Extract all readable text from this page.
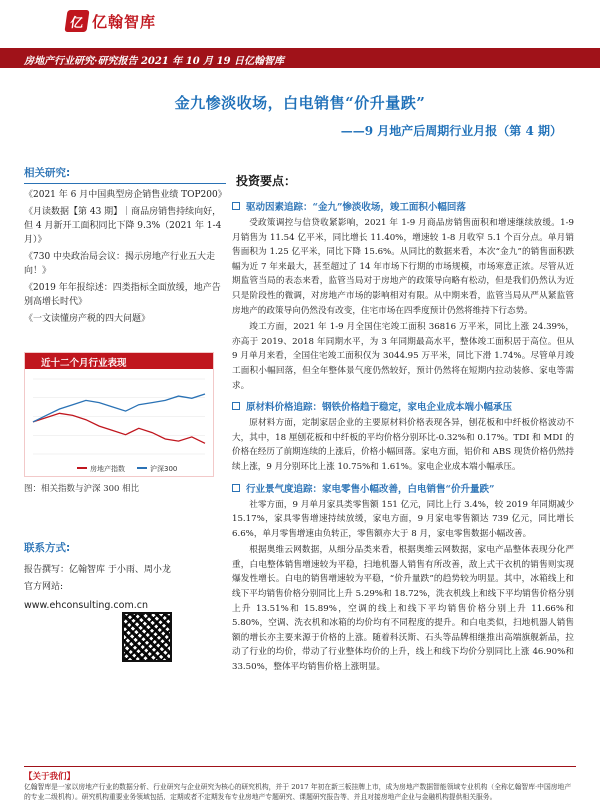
亿 亿翰智库
房地产行业研究·研究报告 2021 年 10 月 19 日亿翰智库
金九惨淡收场，白电销售“价升量跌”
——9 月地产后周期行业月报（第 4 期）
相关研究:
《2021 年 6 月中国典型房企销售业绩 TOP200》
《月读数据【第 43 期】｜商品房销售持续向好，但 4 月新开工面积同比下降 9.3%（2021 年 1-4 月）》
《730 中央政治局会议：揭示房地产行业五大走向！》
《2019 年年报综述：四类指标全面放缓，地产告别高增长时代》
《一文读懂房产税的四大问题》
近十二个月行业表现
房地产指数	沪深300
图：相关指数与沪深 300 相比
联系方式:
报告撰写：亿翰智库 于小雨、周小龙
官方网站:
www.ehconsulting.com.cn
投资要点：
驱动因素追踪：“金九”惨淡收场，竣工面积小幅回落

受政策调控与信贷收紧影响，2021 年 1-9 月商品房销售面积和增速继续放缓。1-9 月销售为 11.54 亿平米，同比增长 11.40%，增速较 1-8 月收窄 5.1 个百分点。单月销售面积为 1.25 亿平米，同比下降 15.6%。从同比的数据来看，本次“金九”的销售面积跌幅为近 7 年来最大，甚至超过了 14 年市场下行期的市场规模，市场寒意正浓。尽管从近期监管当局的表态来看，监管当局对于房地产的政策导向略有松动，但是我们仍然认为近只是阶段性的微调，对房地产市场的影响相对有限。从中期来看，监管当局从严从紧监管房地产的政策导向仍然没有改变，住宅市场在四季度预计仍然将维持下行态势。

竣工方面，2021 年 1-9 月全国住宅竣工面积 36816 万平米，同比上涨 24.39%，亦高于 2019、2018 年同期水平，为 3 年同期最高水平，整体竣工面积居于高位。但从 9 月单月来看，全国住宅竣工面积仅为 3044.95 万平米，同比下滑 1.74%。尽管单月竣工面积小幅回落，但全年整体景气度仍然较好，预计仍然将在短期内拉动装修、家电等需求。

原材料价格追踪：钢铁价格趋于稳定，家电企业成本端小幅承压

原材料方面，定制家居企业的主要原材料价格表现各异，刨花板和中纤板价格波动不大，其中，18 厘刨花板和中纤板的平均价格分别环比-0.32%和 0.17%。TDI 和 MDI 的价格在经历了前期连续的上涨后，价格小幅回落。家电方面，铝价和 ABS 现货价格仍然持续上涨，9 月分别环比上涨 10.75%和 1.61%。家电企业成本端小幅承压。

行业景气度追踪：家电零售小幅改善，白电销售“价升量跌”

社零方面，9 月单月家具类零售额 151 亿元，同比上行 3.4%，较 2019 年同期减少 15.17%，家具零售增速持续放缓，家电方面，9 月家电零售额达 739 亿元，同比增长 6.6%，单月零售增速由负转正，零售额亦大于 8 月，家电零售数据小幅改善。

根据奥维云网数据，从细分品类来看，根据奥维云网数据，家电产品整体表现分化严重，白电整体销售增速较为平稳，扫地机器人销售有所改善，敌上式干衣机的销售则实现爆发性增长。白电的销售增速较为平稳，“价升量跌”的趋势较为明显。其中，冰箱线上和线下平均销售价格分别同比上升 5.29%和 18.72%，洗衣机线上和线下平均销售价格分别上升 13.51%和 15.89%，空调的线上和线下平均销售价格分别上升 11.66%和 5.80%，空调、洗衣机和冰箱的均价均有不同程度的提升。和白电类似，扫地机器人销售额的增长亦主要来源于价格的上涨。随着科沃斯、石头等品牌相继推出高端旗舰新品，拉动了行业的均价，带动了行业整体均价的上升，线上和线下均价分别同比上涨 46.90%和 33.50%，整体平均销售价格上涨明显。

【关于我们】
亿翰智库是一家以房地产行业的数据分析、行业研究与企业研究为核心的研究机构，并于 2017 年初在新三板挂牌上市，成为房地产数据智能领域专业机构（全称亿翰智库·中国房地产的专业二级机构）。研究机构重要业务领域包括，定期或者不定期发布专业房地产专题研究、课题研究报告等，并且对接房地产企业与金融机构提供相关服务。
